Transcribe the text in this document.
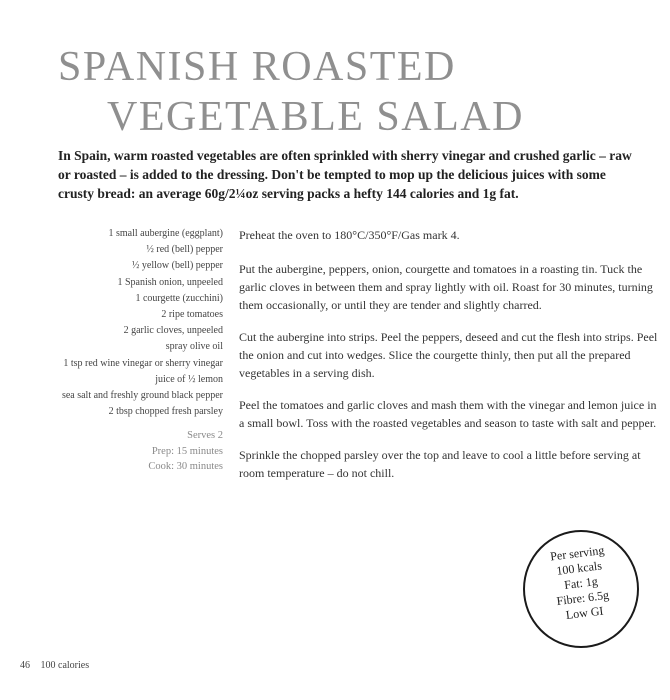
SPANISH ROASTED
VEGETABLE SALAD

In Spain, warm roasted vegetables are often sprinkled with sherry vinegar and crushed garlic – raw or roasted – is added to the dressing. Don't be tempted to mop up the delicious juices with some crusty bread: an average 60g/2¼oz serving packs a hefty 144 calories and 1g fat.

1 small aubergine (eggplant)
½ red (bell) pepper
½ yellow (bell) pepper
1 Spanish onion, unpeeled
1 courgette (zucchini)
2 ripe tomatoes
2 garlic cloves, unpeeled
spray olive oil
1 tsp red wine vinegar or sherry vinegar
juice of ½ lemon
sea salt and freshly ground black pepper
2 tbsp chopped fresh parsley
Serves 2
Prep: 15 minutes
Cook: 30 minutes

Preheat the oven to 180°C/350°F/Gas mark 4.

Put the aubergine, peppers, onion, courgette and tomatoes in a roasting tin. Tuck the garlic cloves in between them and spray lightly with oil. Roast for 30 minutes, turning them occasionally, or until they are tender and slightly charred.

Cut the aubergine into strips. Peel the peppers, deseed and cut the flesh into strips. Peel the onion and cut into wedges. Slice the courgette thinly, then put all the prepared vegetables in a serving dish.

Peel the tomatoes and garlic cloves and mash them with the vinegar and lemon juice in a small bowl. Toss with the roasted vegetables and season to taste with salt and pepper.

Sprinkle the chopped parsley over the top and leave to cool a little before serving at room temperature – do not chill.

Per serving
100 kcals
Fat: 1g
Fibre: 6.5g
Low GI
46 100 calories
